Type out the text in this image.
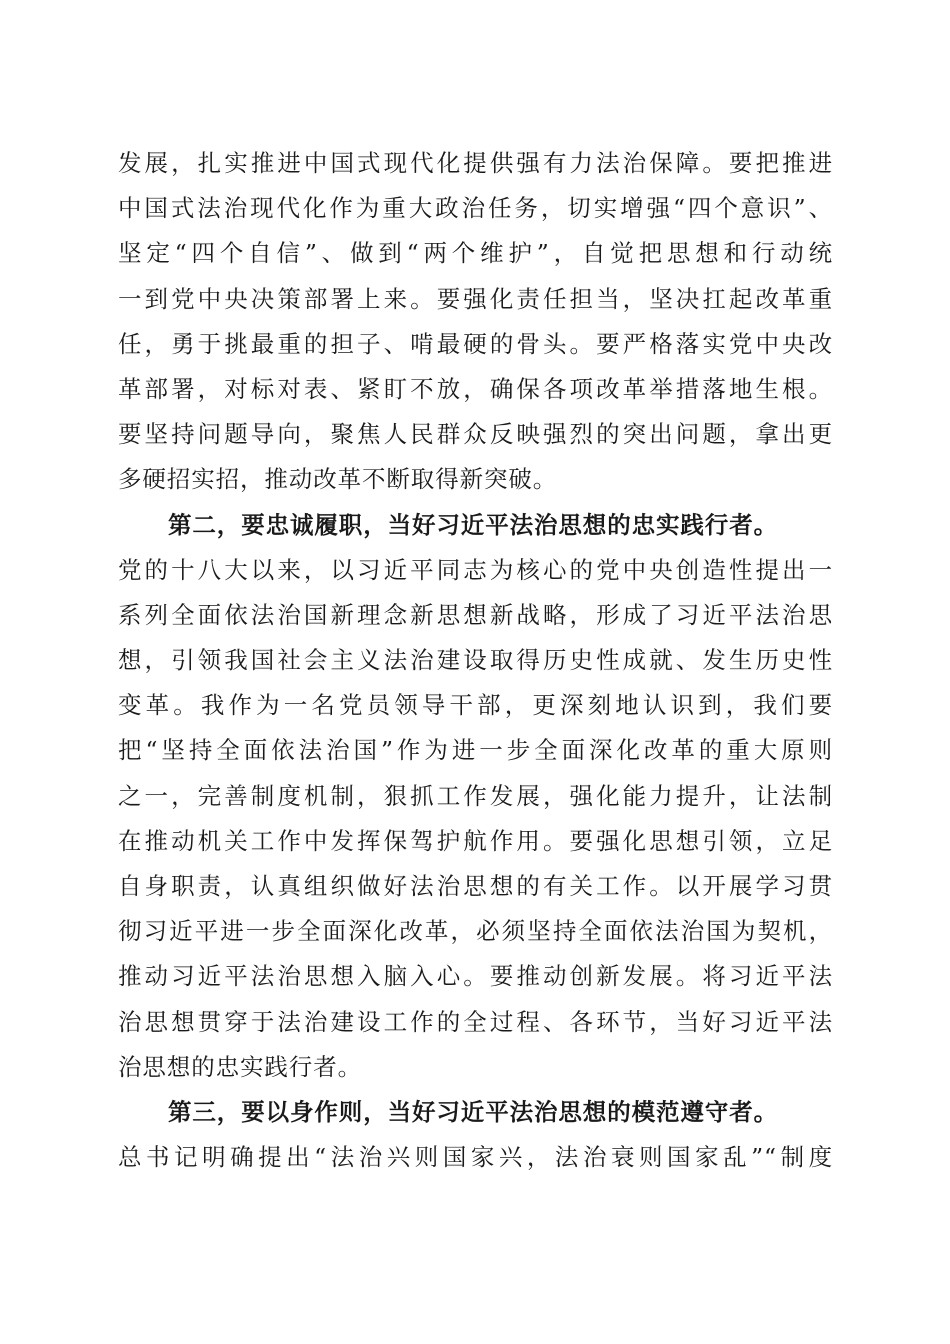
发展，扎实推进中国式现代化提供强有力法治保障。要把推进
中国式法治现代化作为重大政治任务，切实增强“四个意识”、
坚定“四个自信”、做到“两个维护”，自觉把思想和行动统
一到党中央决策部署上来。要强化责任担当，坚决扛起改革重
任，勇于挑最重的担子、啃最硬的骨头。要严格落实党中央改
革部署，对标对表、紧盯不放，确保各项改革举措落地生根。
要坚持问题导向，聚焦人民群众反映强烈的突出问题，拿出更
多硬招实招，推动改革不断取得新突破。
第二，要忠诚履职，当好习近平法治思想的忠实践行者。
党的十八大以来，以习近平同志为核心的党中央创造性提出一
系列全面依法治国新理念新思想新战略，形成了习近平法治思
想，引领我国社会主义法治建设取得历史性成就、发生历史性
变革。我作为一名党员领导干部，更深刻地认识到，我们要
把“坚持全面依法治国”作为进一步全面深化改革的重大原则
之一，完善制度机制，狠抓工作发展，强化能力提升，让法制
在推动机关工作中发挥保驾护航作用。要强化思想引领，立足
自身职责，认真组织做好法治思想的有关工作。以开展学习贯
彻习近平进一步全面深化改革，必须坚持全面依法治国为契机，
推动习近平法治思想入脑入心。要推动创新发展。将习近平法
治思想贯穿于法治建设工作的全过程、各环节，当好习近平法
治思想的忠实践行者。
第三，要以身作则，当好习近平法治思想的模范遵守者。
总书记明确提出“法治兴则国家兴，法治衰则国家乱”“制度
